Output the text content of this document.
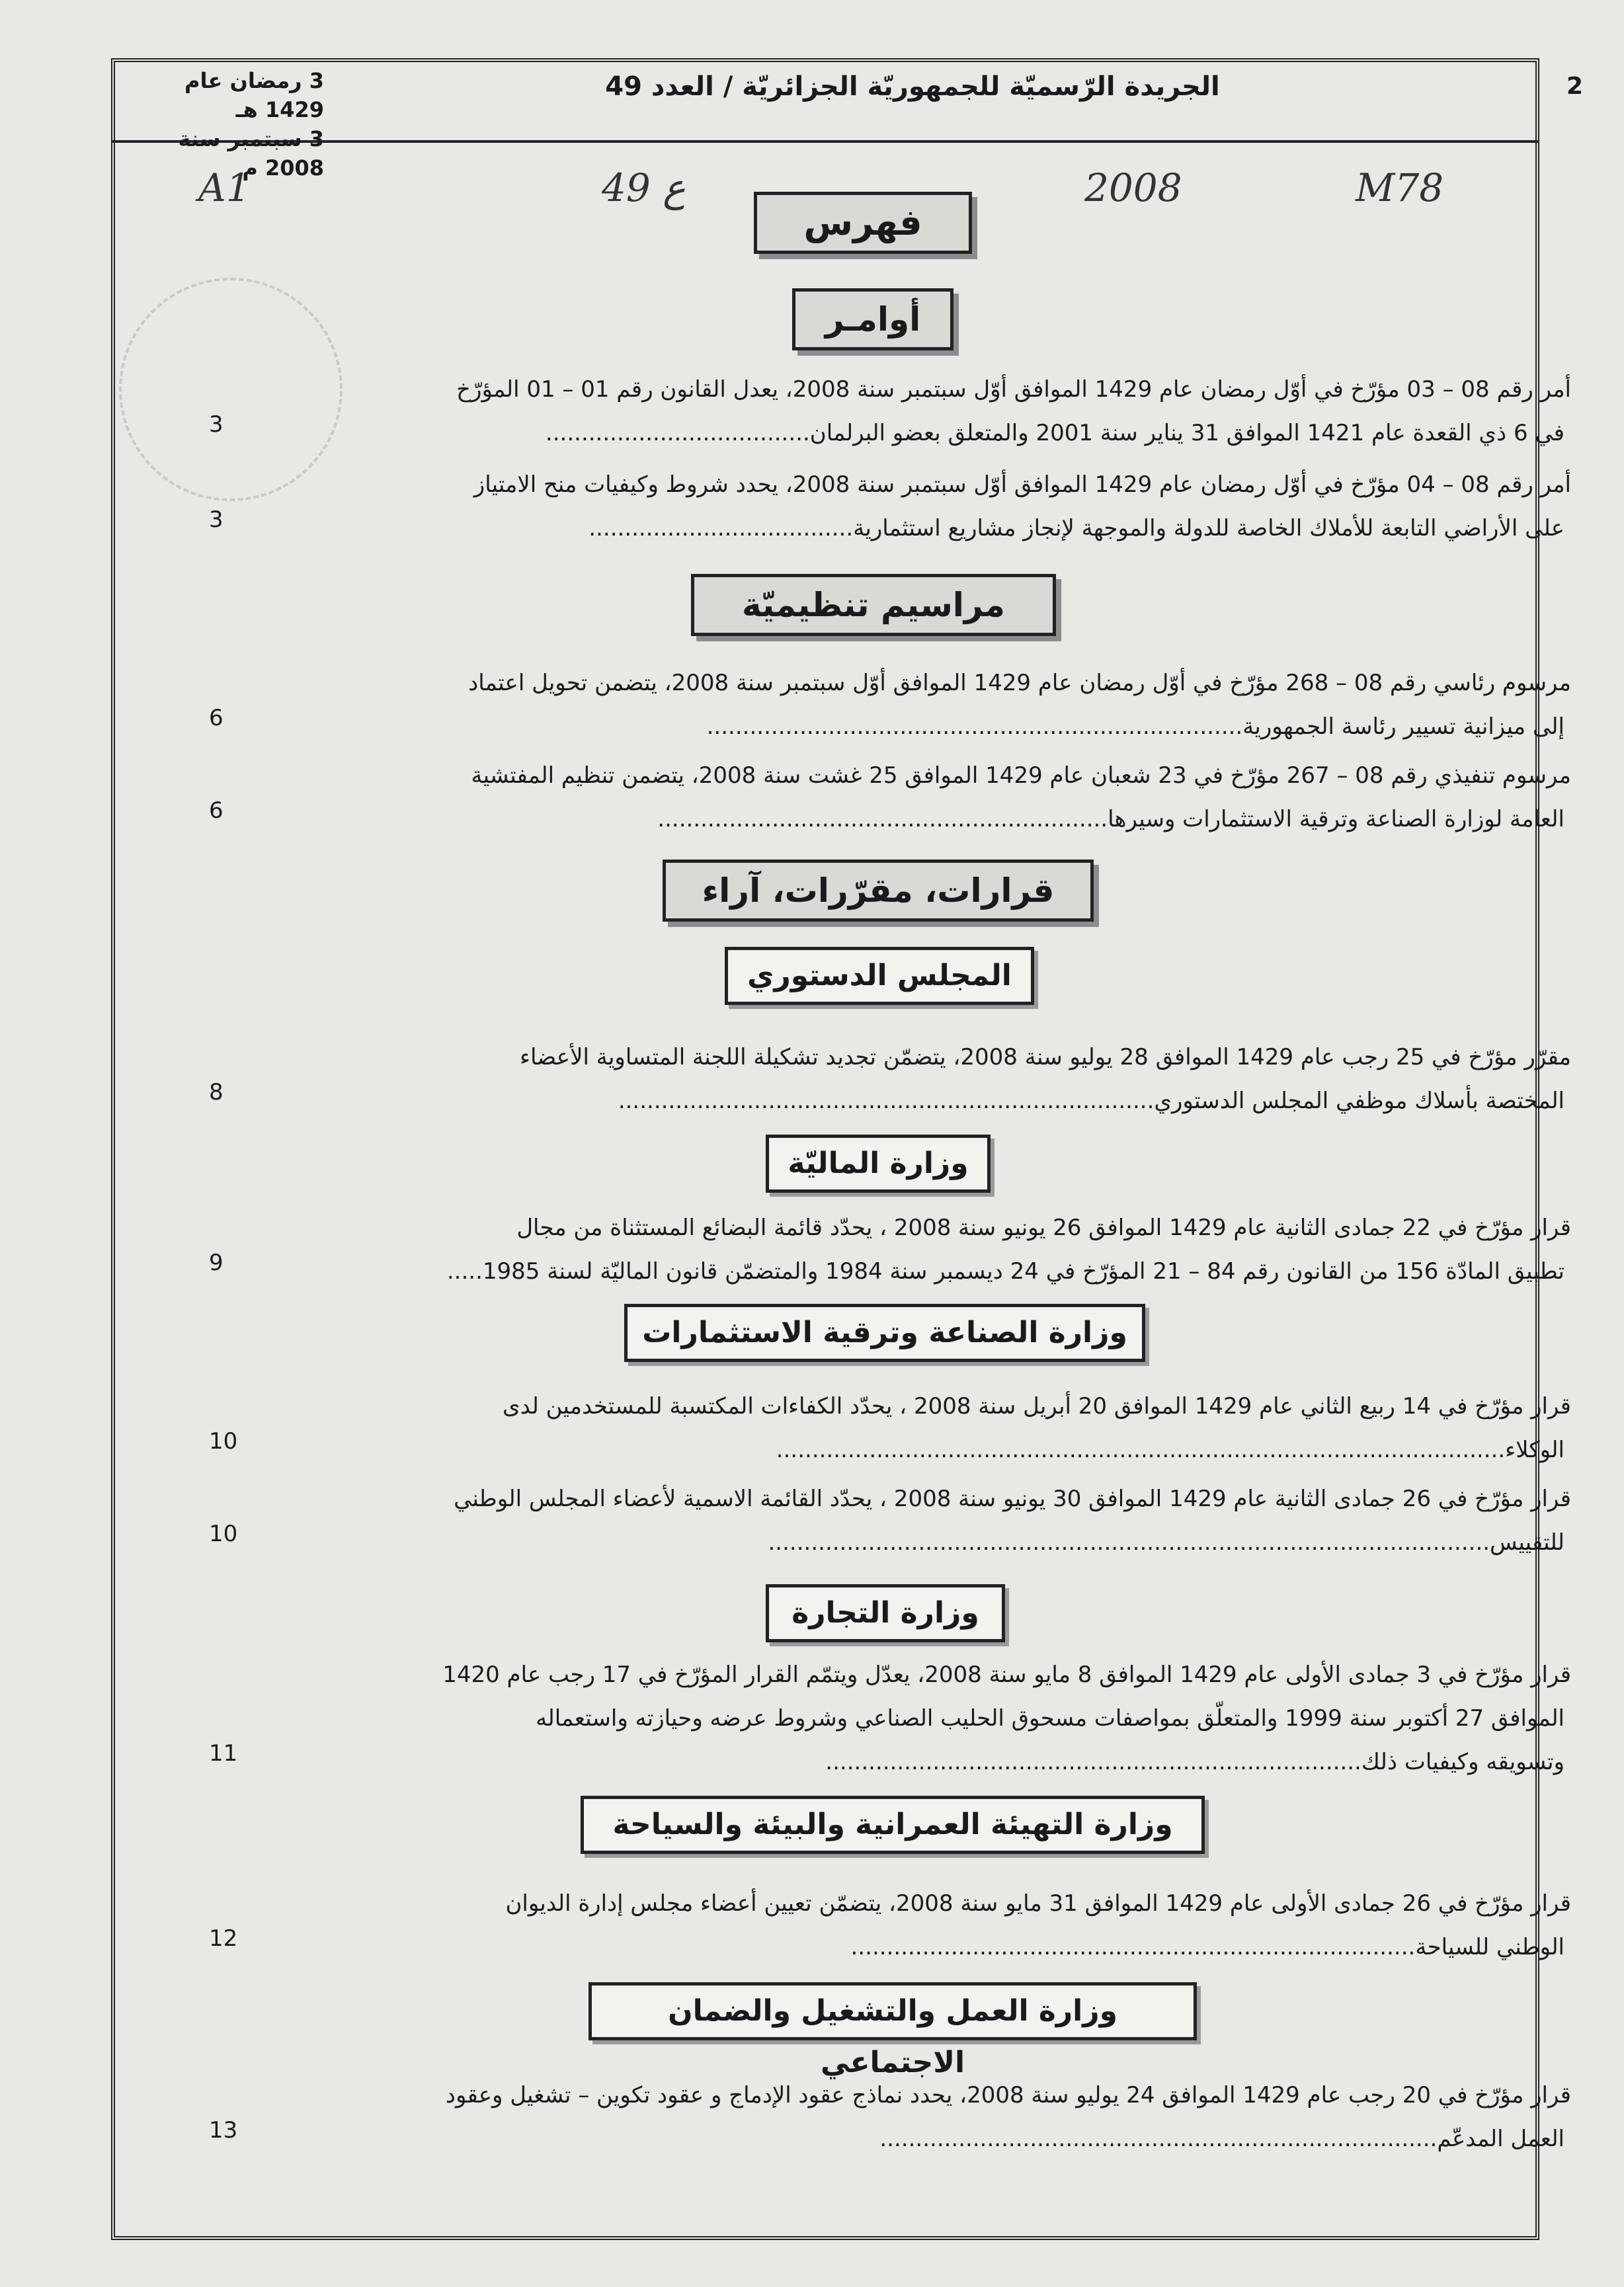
2
الجريدة الرّسميّة للجمهوريّة الجزائريّة / العدد 49
3 رمضان عام 1429 هـ
3 سبتمبر سنة 2008 م
A1	ع 49	2008	M78
فهرس
أوامـر
أمر رقم 08 – 03 مؤرّخ في أوّل رمضان عام 1429 الموافق أوّل سبتمبر سنة 2008، يعدل القانون رقم 01 – 01 المؤرّخ
في 6 ذي القعدة عام 1421 الموافق 31 يناير سنة 2001 والمتعلق بعضو البرلمان.....................................
3
أمر رقم 08 – 04 مؤرّخ في أوّل رمضان عام 1429 الموافق أوّل سبتمبر سنة 2008، يحدد شروط وكيفيات منح الامتياز
على الأراضي التابعة للأملاك الخاصة للدولة والموجهة لإنجاز مشاريع استثمارية.....................................
3
مراسيم تنظيميّة
مرسوم رئاسي رقم 08 – 268 مؤرّخ في أوّل رمضان عام 1429 الموافق أوّل سبتمبر سنة 2008، يتضمن تحويل اعتماد
إلى ميزانية تسيير رئاسة الجمهورية...........................................................................
6
مرسوم تنفيذي رقم 08 – 267 مؤرّخ في 23 شعبان عام 1429 الموافق 25 غشت سنة 2008، يتضمن تنظيم المفتشية
العامة لوزارة الصناعة وترقية الاستثمارات وسيرها...............................................................
6
قرارات، مقرّرات، آراء
المجلس الدستوري
مقرّر مؤرّخ في 25 رجب عام 1429 الموافق 28 يوليو سنة 2008، يتضمّن تجديد تشكيلة اللجنة المتساوية الأعضاء
المختصة بأسلاك موظفي المجلس الدستوري...........................................................................
8
وزارة الماليّة
قرار مؤرّخ في 22 جمادى الثانية عام 1429 الموافق 26 يونيو سنة 2008 ، يحدّد قائمة البضائع المستثناة من مجال
تطبيق المادّة 156 من القانون رقم 84 – 21 المؤرّخ في 24 ديسمبر سنة 1984 والمتضمّن قانون الماليّة لسنة 1985.....
9
وزارة الصناعة وترقية الاستثمارات
قرار مؤرّخ في 14 ربيع الثاني عام 1429 الموافق 20 أبريل سنة 2008 ، يحدّد الكفاءات المكتسبة للمستخدمين لدى
الوكلاء......................................................................................................
10
قرار مؤرّخ في 26 جمادى الثانية عام 1429 الموافق 30 يونيو سنة 2008 ، يحدّد القائمة الاسمية لأعضاء المجلس الوطني
للتقييس.....................................................................................................
10
وزارة التجارة
قرار مؤرّخ في 3 جمادى الأولى عام 1429 الموافق 8 مايو سنة 2008، يعدّل ويتمّم القرار المؤرّخ في 17 رجب عام 1420
الموافق 27 أكتوبر سنة 1999 والمتعلّق بمواصفات مسحوق الحليب الصناعي وشروط عرضه وحيازته واستعماله
وتسويقه وكيفيات ذلك...........................................................................
11
وزارة التهيئة العمرانية والبيئة والسياحة
قرار مؤرّخ في 26 جمادى الأولى عام 1429 الموافق 31 مايو سنة 2008، يتضمّن تعيين أعضاء مجلس إدارة الديوان
الوطني للسياحة...............................................................................
12
وزارة العمل والتشغيل والضمان الاجتماعي
قرار مؤرّخ في 20 رجب عام 1429 الموافق 24 يوليو سنة 2008، يحدد نماذج عقود الإدماج و عقود تكوين – تشغيل وعقود
العمل المدعّم..............................................................................
13
